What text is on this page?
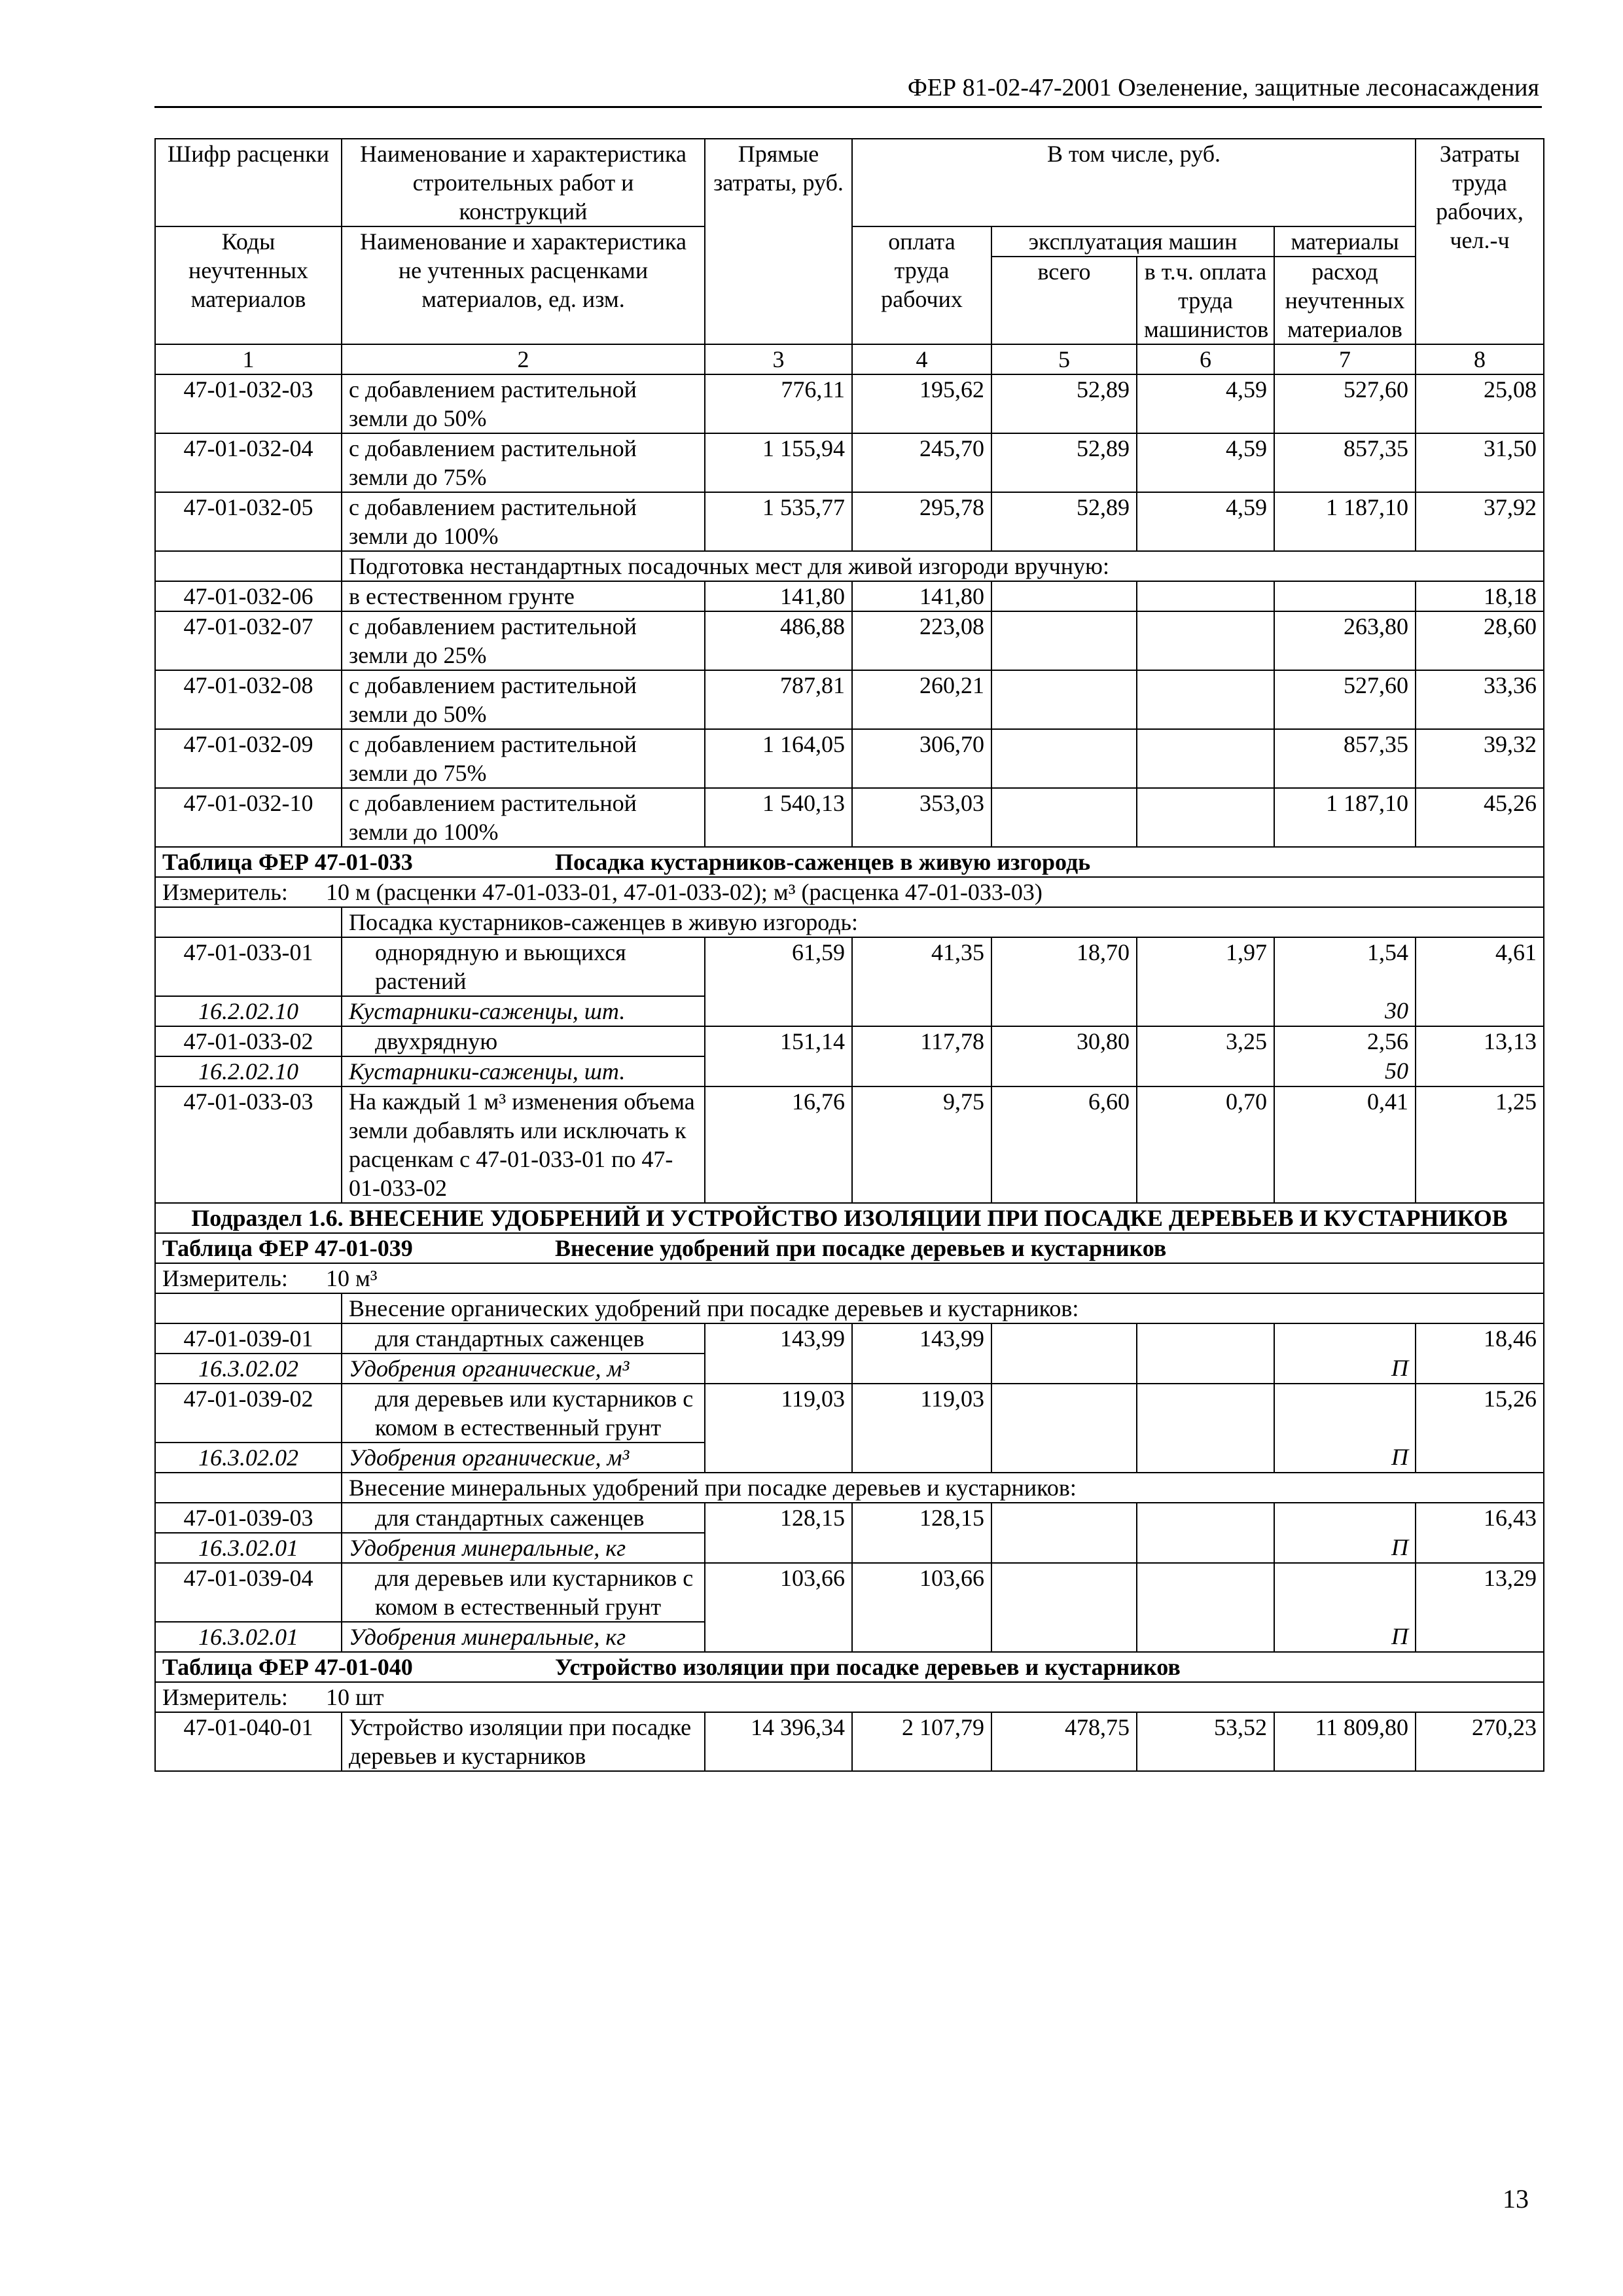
ФЕР 81-02-47-2001 Озеленение, защитные лесонасаждения
Шифр расценки	Наименование и характеристика строительных работ и конструкций	Прямые затраты, руб.	В том числе, руб.				Затраты труда рабочих, чел.-ч
Коды неучтенных материалов	Наименование и характеристика не учтенных расценками материалов, ед. изм.		оплата труда рабочих	эксплуатация машин		материалы	
				всего	в т.ч. оплата труда машинистов	расход неучтенных материалов	
1	2	3	4	5	6	7	8
47-01-032-03	с добавлением растительной земли до 50%	776,11	195,62	52,89	4,59	527,60	25,08
47-01-032-04	с добавлением растительной земли до 75%	1 155,94	245,70	52,89	4,59	857,35	31,50
47-01-032-05	с добавлением растительной земли до 100%	1 535,77	295,78	52,89	4,59	1 187,10	37,92
	Подготовка нестандартных посадочных мест для живой изгороди вручную:						
47-01-032-06	в естественном грунте	141,80	141,80				18,18
47-01-032-07	с добавлением растительной земли до 25%	486,88	223,08			263,80	28,60
47-01-032-08	с добавлением растительной земли до 50%	787,81	260,21			527,60	33,36
47-01-032-09	с добавлением растительной земли до 75%	1 164,05	306,70			857,35	39,32
47-01-032-10	с добавлением растительной земли до 100%	1 540,13	353,03			1 187,10	45,26
Таблица ФЕР 47-01-033 Посадка кустарников-саженцев в живую изгородь							
Измеритель: 10 м (расценки 47-01-033-01, 47-01-033-02); м³ (расценка 47-01-033-03)							
	Посадка кустарников-саженцев в живую изгородь:						
47-01-033-01	однорядную и вьющихся растений	61,59	41,35	18,70	1,97	1,54	4,61
16.2.02.10	Кустарники-саженцы, шт.					30	
47-01-033-02	двухрядную	151,14	117,78	30,80	3,25	2,56	13,13
16.2.02.10	Кустарники-саженцы, шт.					50	
47-01-033-03	На каждый 1 м³ изменения объема земли добавлять или исключать к расценкам с 47-01-033-01 по 47-01-033-02	16,76	9,75	6,60	0,70	0,41	1,25
Подраздел 1.6. ВНЕСЕНИЕ УДОБРЕНИЙ И УСТРОЙСТВО ИЗОЛЯЦИИ ПРИ ПОСАДКЕ ДЕРЕВЬЕВ И КУСТАРНИКОВ							
Таблица ФЕР 47-01-039 Внесение удобрений при посадке деревьев и кустарников							
Измеритель: 10 м³							
	Внесение органических удобрений при посадке деревьев и кустарников:						
47-01-039-01	для стандартных саженцев	143,99	143,99				18,46
16.3.02.02	Удобрения органические, м³					П	
47-01-039-02	для деревьев или кустарников с комом в естественный грунт	119,03	119,03				15,26
16.3.02.02	Удобрения органические, м³					П	
	Внесение минеральных удобрений при посадке деревьев и кустарников:						
47-01-039-03	для стандартных саженцев	128,15	128,15				16,43
16.3.02.01	Удобрения минеральные, кг					П	
47-01-039-04	для деревьев или кустарников с комом в естественный грунт	103,66	103,66				13,29
16.3.02.01	Удобрения минеральные, кг					П	
Таблица ФЕР 47-01-040 Устройство изоляции при посадке деревьев и кустарников							
Измеритель: 10 шт							
47-01-040-01	Устройство изоляции при посадке деревьев и кустарников	14 396,34	2 107,79	478,75	53,52	11 809,80	270,23
13
